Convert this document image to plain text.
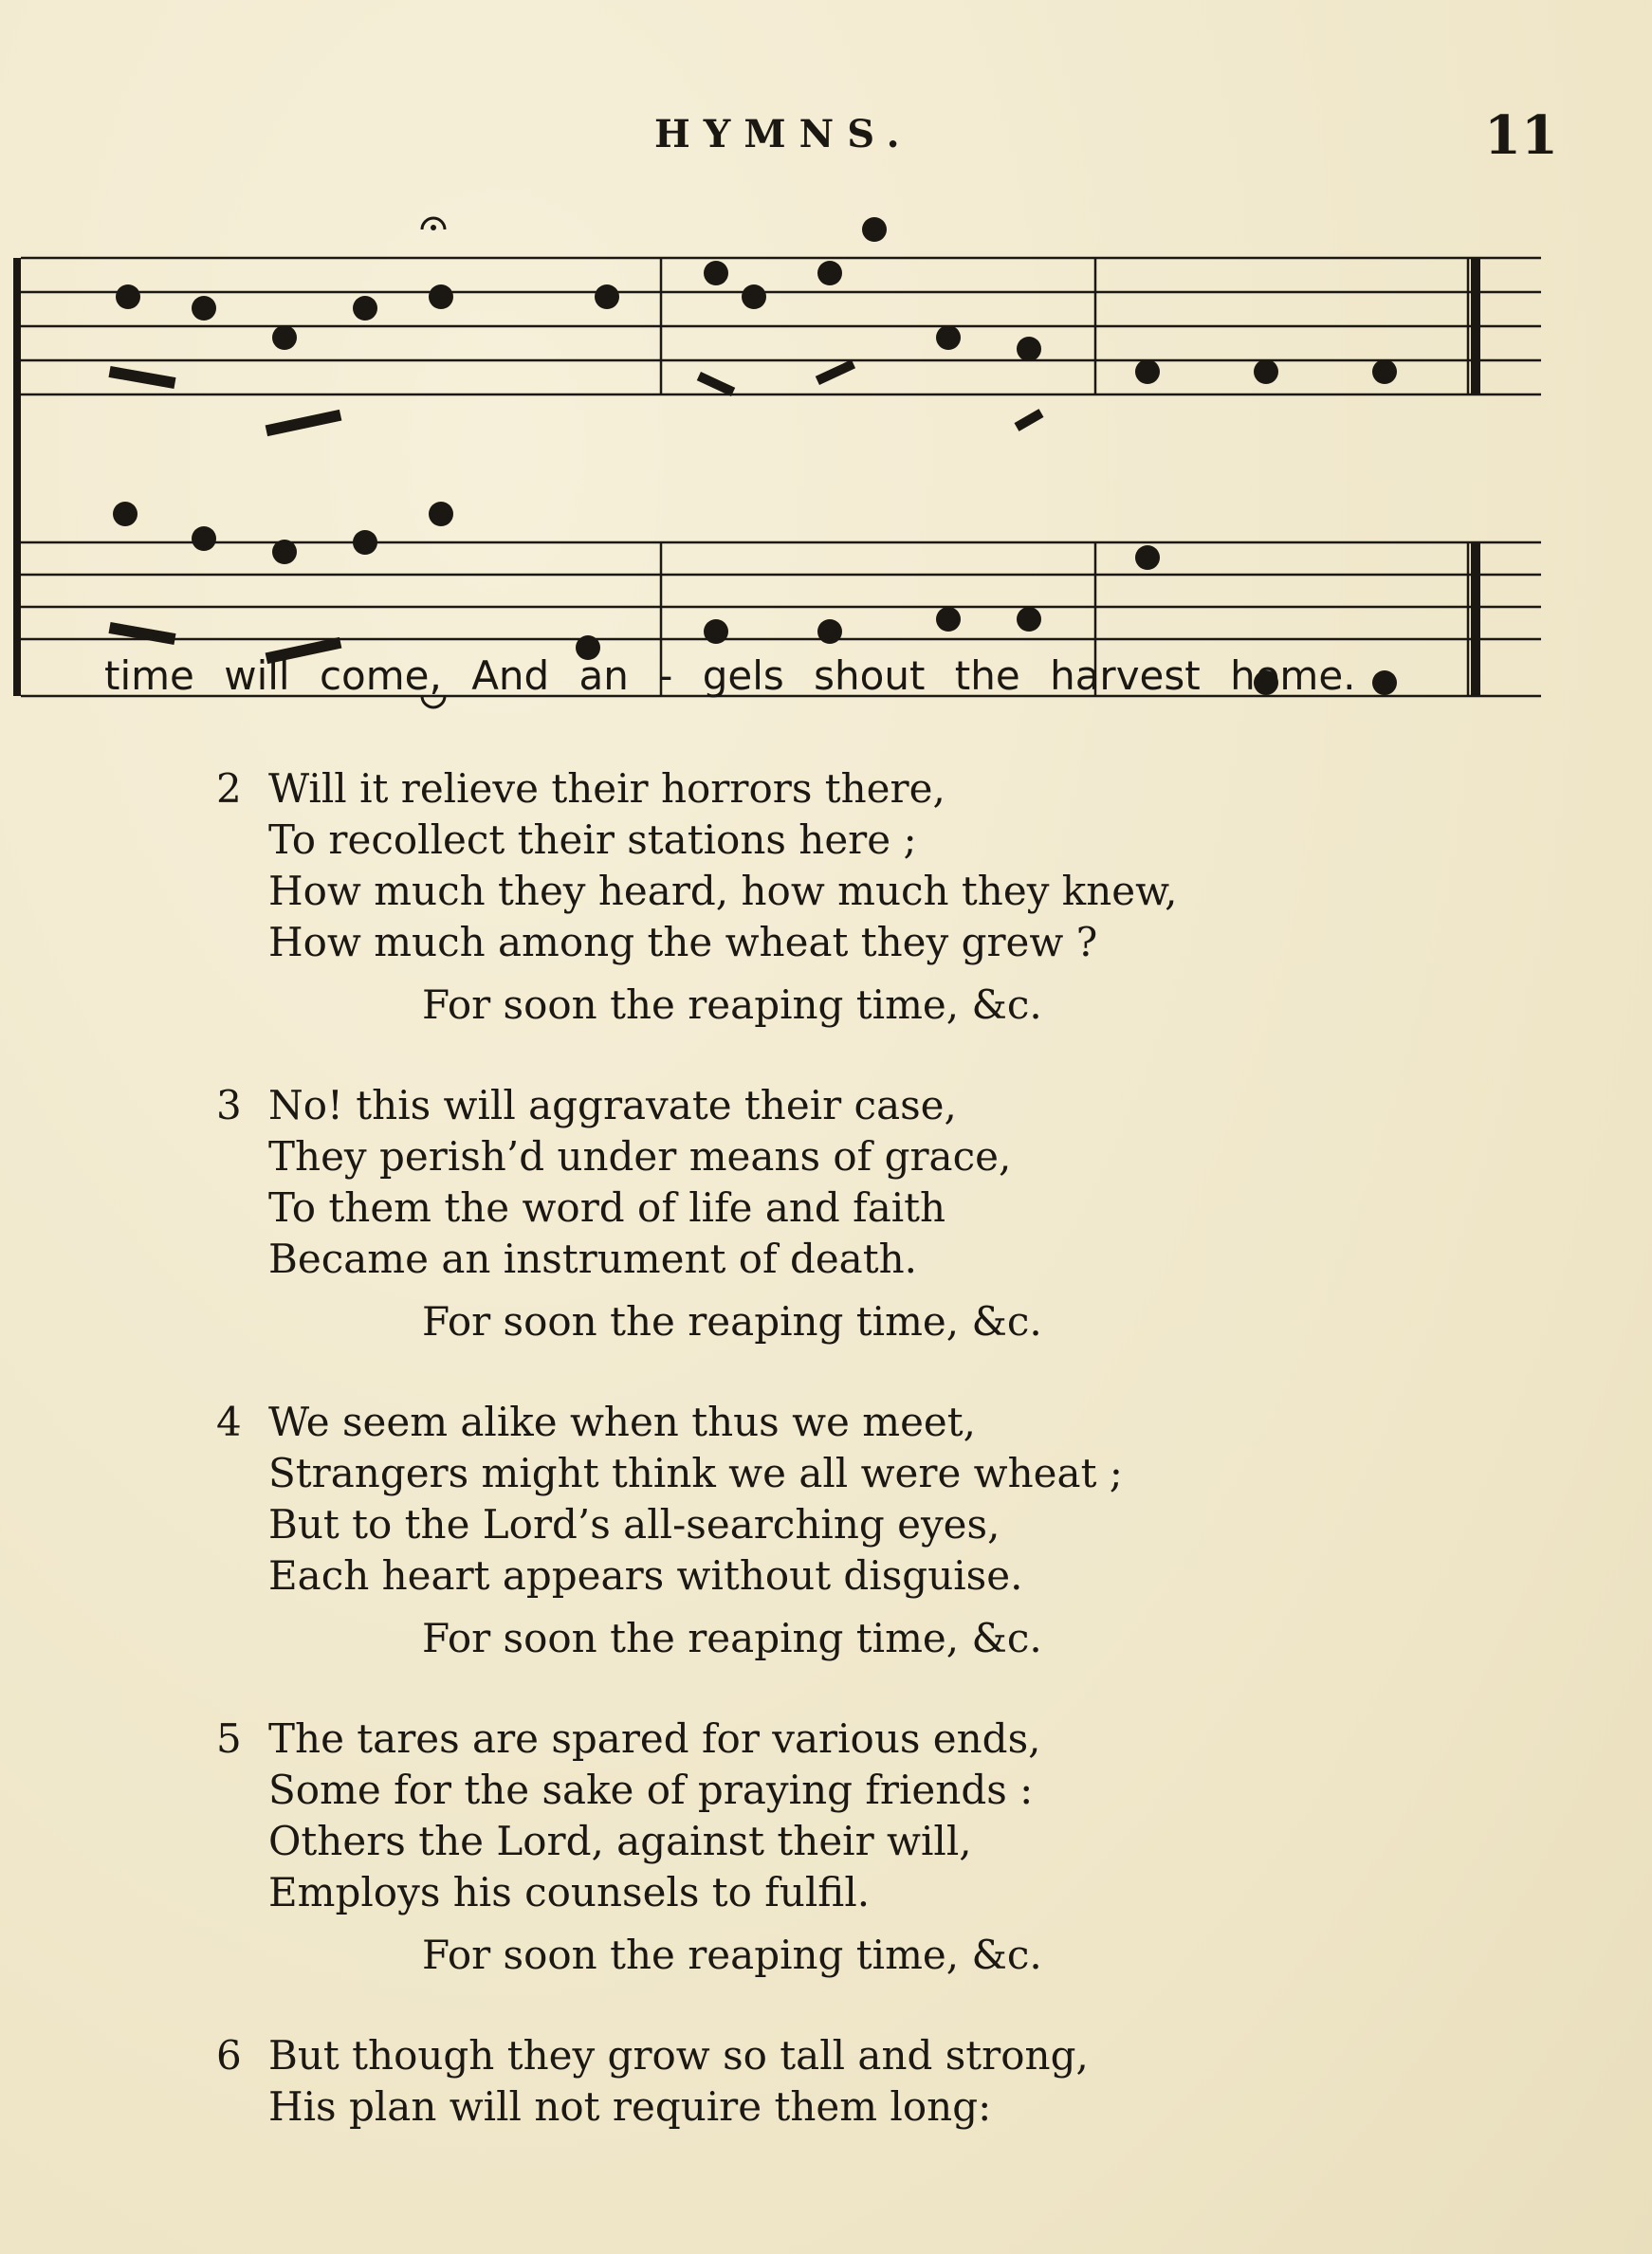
HYMNS.	11
time will come, And an - gels shout the harvest home.
2 Will it relieve their horrors there,
To recollect their stations here ;
How much they heard, how much they knew,
How much among the wheat they grew ?
For soon the reaping time, &c.
3 No! this will aggravate their case,
They perish’d under means of grace,
To them the word of life and faith
Became an instrument of death.
For soon the reaping time, &c.
4 We seem alike when thus we meet,
Strangers might think we all were wheat ;
But to the Lord’s all-searching eyes,
Each heart appears without disguise.
For soon the reaping time, &c.
5 The tares are spared for various ends,
Some for the sake of praying friends :
Others the Lord, against their will,
Employs his counsels to fulfil.
For soon the reaping time, &c.
6 But though they grow so tall and strong,
His plan will not require them long:
